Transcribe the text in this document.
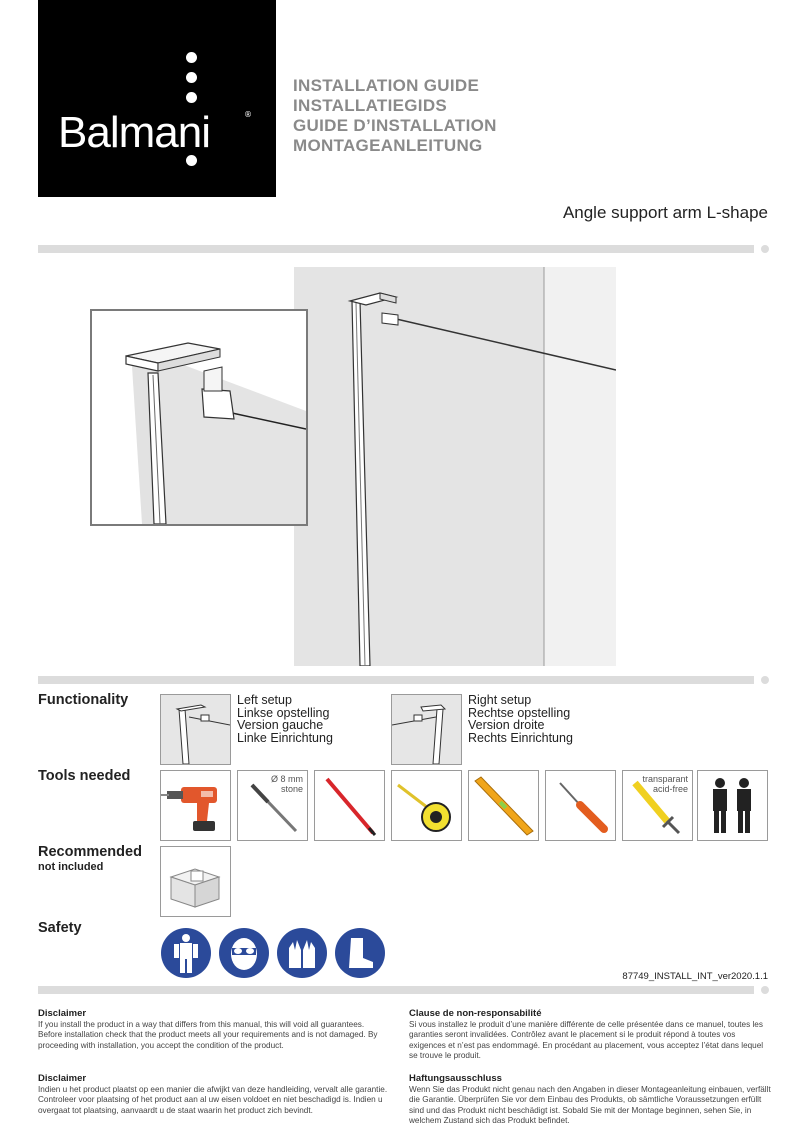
Balmani	®
INSTALLATION GUIDE
INSTALLATIEGIDS
GUIDE D’INSTALLATION
MONTAGEANLEITUNG
Angle support arm L-shape
Functionality	Left setup
Linkse opstelling
Version gauche
Linke Einrichtung
Right setup
Rechtse opstelling
Version droite
Rechts Einrichtung
Tools needed	Ø 8 mm
stone
transparant
acid-free
Recommended
not included
Safety
87749_INSTALL_INT_ver2020.1.1
Disclaimer

If you install the product in a way that differs from this manual, this will void all guarantees. Before installation check that the product meets all your requirements and is not damaged. By proceeding with installation, you accept the condition of the product.

Clause de non-responsabilité

Si vous installez le produit d’une manière différente de celle présentée dans ce manuel, toutes les garanties seront invalidées. Contrôlez avant le placement si le produit répond à toutes vos exigences et n’est pas endommagé. En procédant au placement, vous acceptez l’état dans lequel se trouve le produit.

Disclaimer

Indien u het product plaatst op een manier die afwijkt van deze handleiding, vervalt alle garantie. Controleer voor plaatsing of het product aan al uw eisen voldoet en niet beschadigd is. Indien u overgaat tot plaatsing, aanvaardt u de staat waarin het product zich bevindt.

Haftungsausschluss

Wenn Sie das Produkt nicht genau nach den Angaben in dieser Montageanleitung einbauen, verfällt die Garantie. Überprüfen Sie vor dem Einbau des Produkts, ob sämtliche Voraussetzungen erfüllt sind und das Produkt nicht beschädigt ist. Sobald Sie mit der Montage beginnen, sehen Sie, in welchem Zustand sich das Produkt befindet.
